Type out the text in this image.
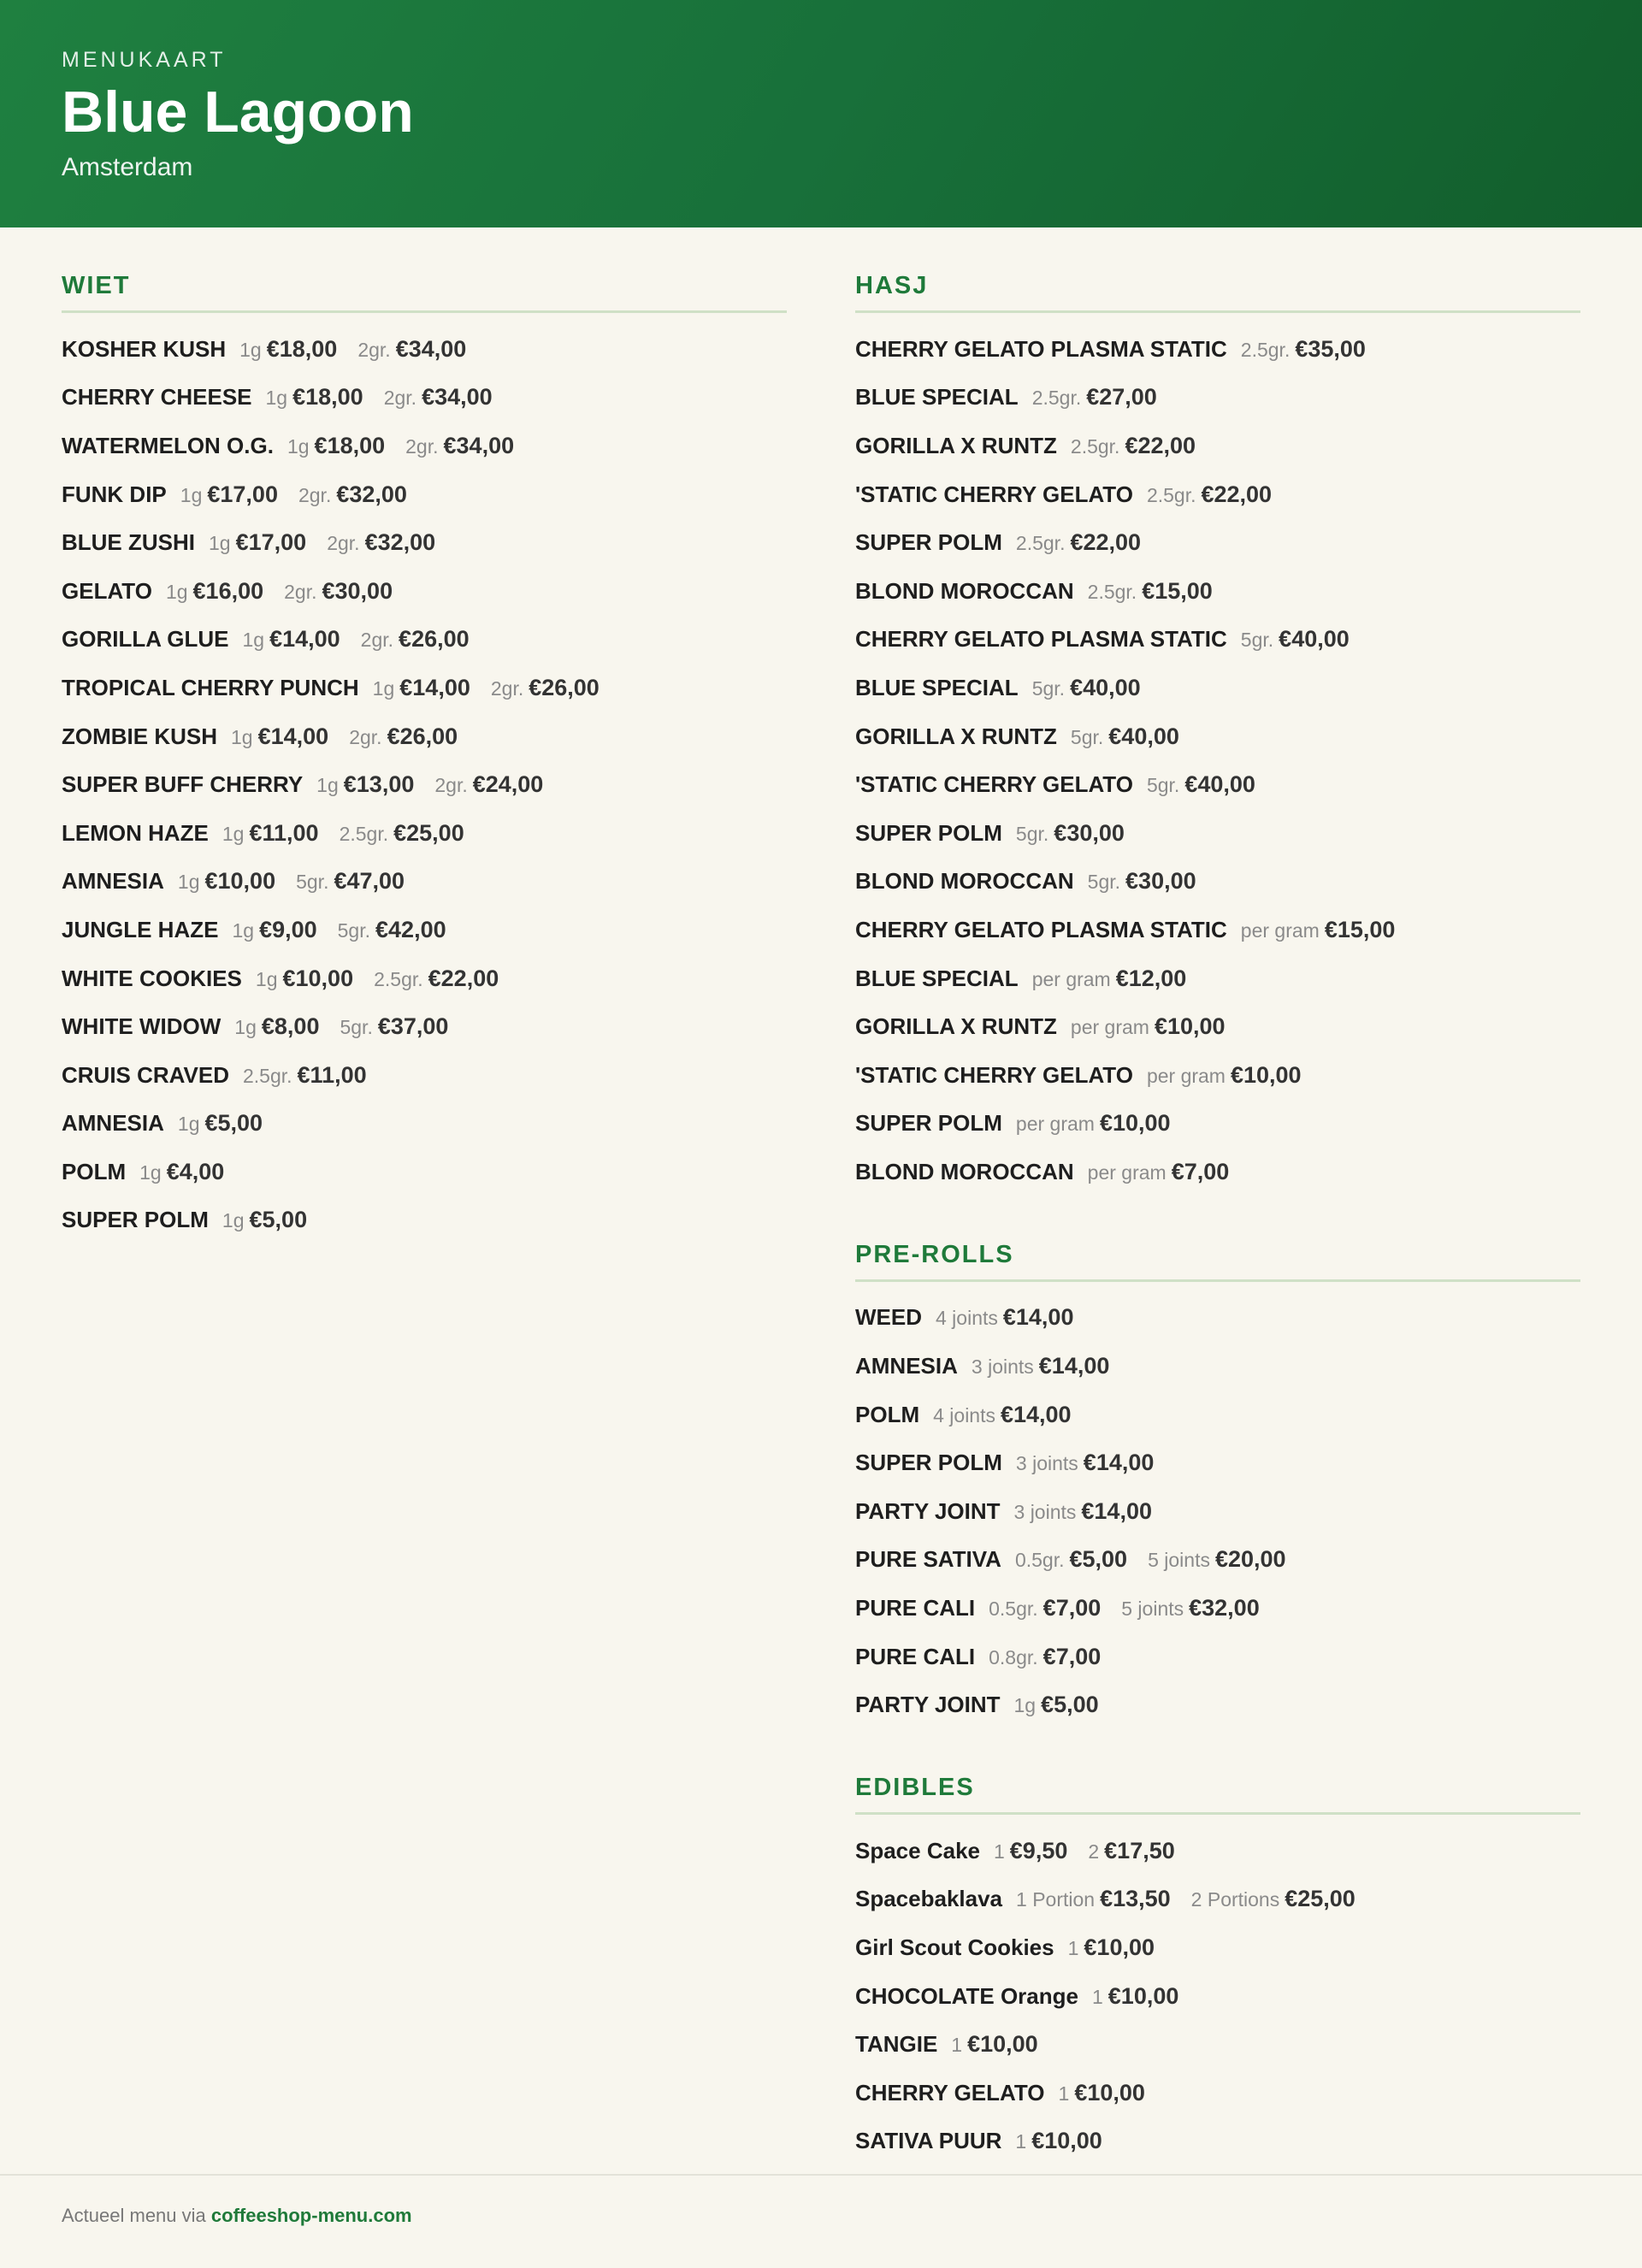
MENUKAART
Blue Lagoon
Amsterdam
WIET
KOSHER KUSH 1g €18,00 2gr. €34,00
CHERRY CHEESE 1g €18,00 2gr. €34,00
WATERMELON O.G. 1g €18,00 2gr. €34,00
FUNK DIP 1g €17,00 2gr. €32,00
BLUE ZUSHI 1g €17,00 2gr. €32,00
GELATO 1g €16,00 2gr. €30,00
GORILLA GLUE 1g €14,00 2gr. €26,00
TROPICAL CHERRY PUNCH 1g €14,00 2gr. €26,00
ZOMBIE KUSH 1g €14,00 2gr. €26,00
SUPER BUFF CHERRY 1g €13,00 2gr. €24,00
LEMON HAZE 1g €11,00 2.5gr. €25,00
AMNESIA 1g €10,00 5gr. €47,00
JUNGLE HAZE 1g €9,00 5gr. €42,00
WHITE COOKIES 1g €10,00 2.5gr. €22,00
WHITE WIDOW 1g €8,00 5gr. €37,00
CRUIS CRAVED 2.5gr. €11,00
AMNESIA 1g €5,00
POLM 1g €4,00
SUPER POLM 1g €5,00
HASJ
CHERRY GELATO PLASMA STATIC 2.5gr. €35,00
BLUE SPECIAL 2.5gr. €27,00
GORILLA X RUNTZ 2.5gr. €22,00
'STATIC CHERRY GELATO 2.5gr. €22,00
SUPER POLM 2.5gr. €22,00
BLOND MOROCCAN 2.5gr. €15,00
CHERRY GELATO PLASMA STATIC 5gr. €40,00
BLUE SPECIAL 5gr. €40,00
GORILLA X RUNTZ 5gr. €40,00
'STATIC CHERRY GELATO 5gr. €40,00
SUPER POLM 5gr. €30,00
BLOND MOROCCAN 5gr. €30,00
CHERRY GELATO PLASMA STATIC per gram €15,00
BLUE SPECIAL per gram €12,00
GORILLA X RUNTZ per gram €10,00
'STATIC CHERRY GELATO per gram €10,00
SUPER POLM per gram €10,00
BLOND MOROCCAN per gram €7,00
PRE-ROLLS
WEED 4 joints €14,00
AMNESIA 3 joints €14,00
POLM 4 joints €14,00
SUPER POLM 3 joints €14,00
PARTY JOINT 3 joints €14,00
PURE SATIVA 0.5gr. €5,00 5 joints €20,00
PURE CALI 0.5gr. €7,00 5 joints €32,00
PURE CALI 0.8gr. €7,00
PARTY JOINT 1g €5,00
EDIBLES
Space Cake 1 €9,50 2 €17,50
Spacebaklava 1 Portion €13,50 2 Portions €25,00
Girl Scout Cookies 1 €10,00
CHOCOLATE Orange 1 €10,00
TANGIE 1 €10,00
CHERRY GELATO 1 €10,00
SATIVA PUUR 1 €10,00
Actueel menu via coffeeshop-menu.com
